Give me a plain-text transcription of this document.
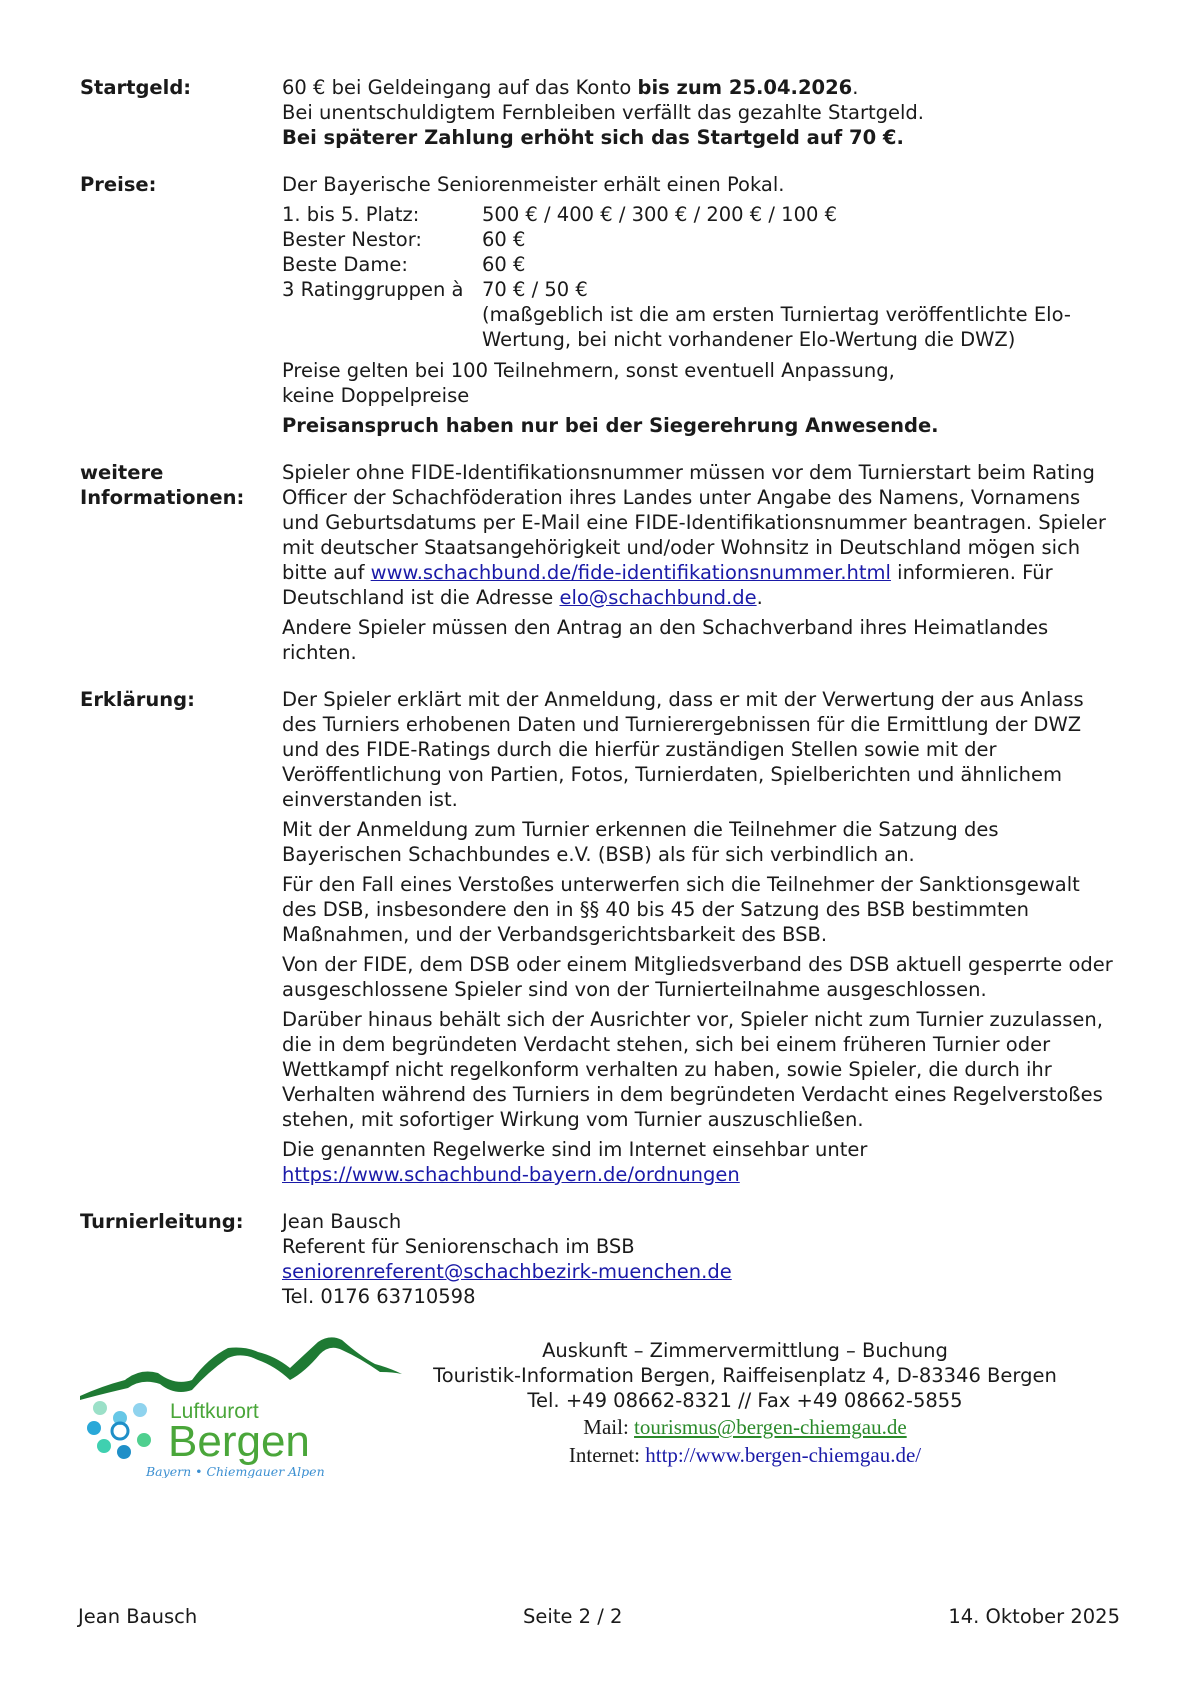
Startgeld:	60 € bei Geldeingang auf das Konto bis zum 25.04.2026.

Bei unentschuldigtem Fernbleiben verfällt das gezahlte Startgeld.

Bei späterer Zahlung erhöht sich das Startgeld auf 70 €.

Preise:	Der Bayerische Seniorenmeister erhält einen Pokal.

1. bis 5. Platz:	500 € / 400 € / 300 € / 200 € / 100 €
Bester Nestor:	60 €
Beste Dame:	60 €
3 Ratinggruppen à 70 € / 50 €
(maßgeblich ist die am ersten Turniertag veröffentlichte Elo-Wertung, bei nicht vorhandener Elo-Wertung die DWZ)

Preise gelten bei 100 Teilnehmern, sonst eventuell Anpassung,

keine Doppelpreise

Preisanspruch haben nur bei der Siegerehrung Anwesende.

weitere
Informationen:

Spieler ohne FIDE-Identifikationsnummer müssen vor dem Turnierstart beim Rating Officer der Schachföderation ihres Landes unter Angabe des Namens, Vornamens und Geburtsdatums per E-Mail eine FIDE-Identifikationsnummer beantragen. Spieler mit deutscher Staatsangehörigkeit und/oder Wohnsitz in Deutschland mögen sich bitte auf www.schachbund.de/fide-identifikationsnummer.html informieren. Für Deutschland ist die Adresse elo@schachbund.de.

Andere Spieler müssen den Antrag an den Schachverband ihres Heimatlandes richten.

Erklärung:	Der Spieler erklärt mit der Anmeldung, dass er mit der Verwertung der aus Anlass des Turniers erhobenen Daten und Turnierergebnissen für die Ermittlung der DWZ und des FIDE-Ratings durch die hierfür zuständigen Stellen sowie mit der Veröffentlichung von Partien, Fotos, Turnierdaten, Spielberichten und ähnlichem einverstanden ist.

Mit der Anmeldung zum Turnier erkennen die Teilnehmer die Satzung des Bayerischen Schachbundes e.V. (BSB) als für sich verbindlich an.

Für den Fall eines Verstoßes unterwerfen sich die Teilnehmer der Sanktionsgewalt des DSB, insbesondere den in §§ 40 bis 45 der Satzung des BSB bestimmten Maßnahmen, und der Verbandsgerichtsbarkeit des BSB.

Von der FIDE, dem DSB oder einem Mitgliedsverband des DSB aktuell gesperrte oder ausgeschlossene Spieler sind von der Turnierteilnahme ausgeschlossen.

Darüber hinaus behält sich der Ausrichter vor, Spieler nicht zum Turnier zuzulassen, die in dem begründeten Verdacht stehen, sich bei einem früheren Turnier oder Wettkampf nicht regelkonform verhalten zu haben, sowie Spieler, die durch ihr Verhalten während des Turniers in dem begründeten Verdacht eines Regelverstoßes stehen, mit sofortiger Wirkung vom Turnier auszuschließen.

Die genannten Regelwerke sind im Internet einsehbar unter

https://www.schachbund-bayern.de/ordnungen

Turnierleitung:	Jean Bausch

Referent für Seniorenschach im BSB

seniorenreferent@schachbezirk-muenchen.de

Tel. 0176 63710598

Luftkurort
Bergen
Bayern • Chiemgauer Alpen
Auskunft – Zimmervermittlung – Buchung
Touristik-Information Bergen, Raiffeisenplatz 4, D-83346 Bergen
Tel. +49 08662-8321 // Fax +49 08662-5855
Mail: tourismus@bergen-chiemgau.de
Internet: http://www.bergen-chiemgau.de/
Jean Bausch	Seite 2 / 2	14. Oktober 2025
